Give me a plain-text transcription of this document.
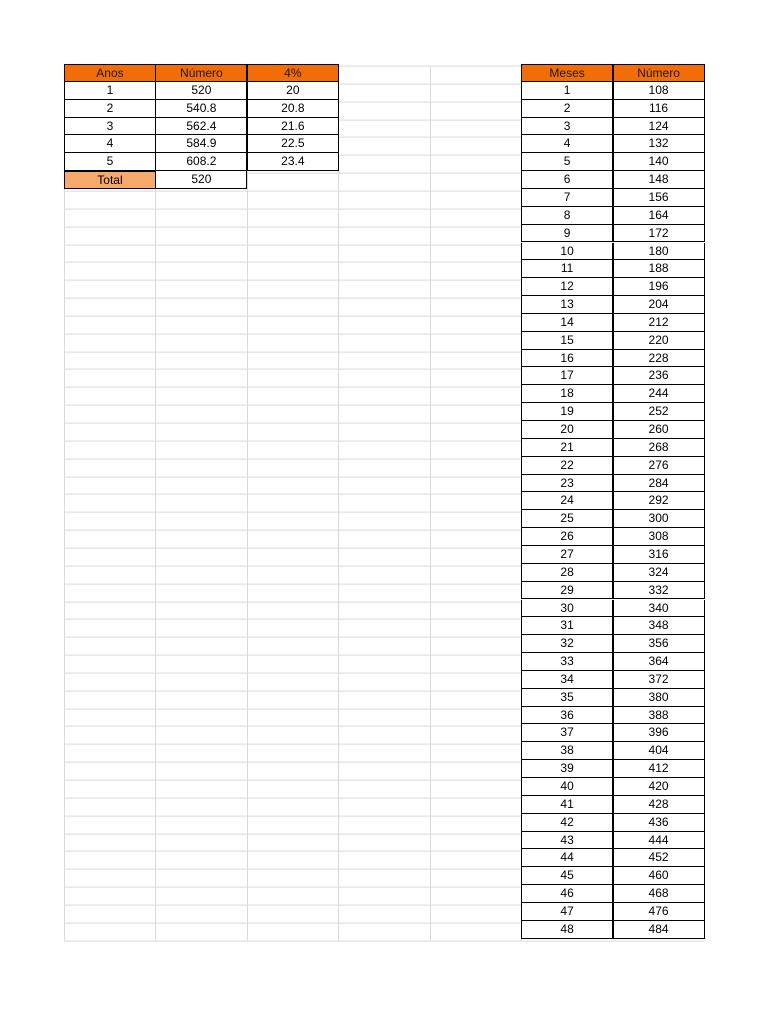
Anos	Número	4%
1	520	20
2	540.8	20.8
3	562.4	21.6
4	584.9	22.5
5	608.2	23.4
Total	520
Meses	Número
1	108
2	116
3	124
4	132
5	140
6	148
7	156
8	164
9	172
10	180
11	188
12	196
13	204
14	212
15	220
16	228
17	236
18	244
19	252
20	260
21	268
22	276
23	284
24	292
25	300
26	308
27	316
28	324
29	332
30	340
31	348
32	356
33	364
34	372
35	380
36	388
37	396
38	404
39	412
40	420
41	428
42	436
43	444
44	452
45	460
46	468
47	476
48	484
